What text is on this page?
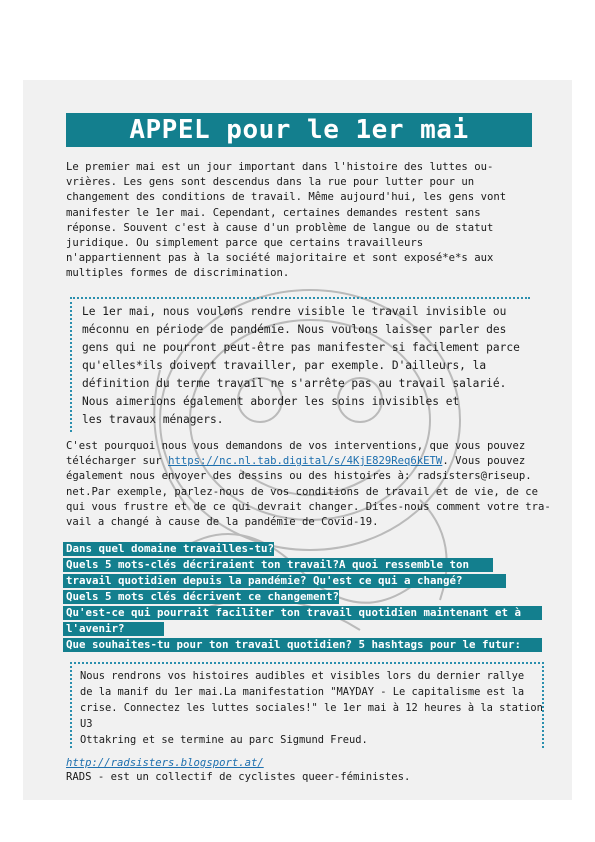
APPEL pour le 1er mai

Le premier mai est un jour important dans l'histoire des luttes ou-

vrières. Les gens sont descendus dans la rue pour lutter pour un

changement des conditions de travail. Même aujourd'hui, les gens vont

manifester le 1er mai. Cependant, certaines demandes restent sans

réponse. Souvent c'est à cause d'un problème de langue ou de statut

juridique. Ou simplement parce que certains travailleurs

n'appartiennent pas à la société majoritaire et sont exposé*e*s aux

multiples formes de discrimination.

Le 1er mai, nous voulons rendre visible le travail invisible ou
méconnu en période de pandémie. Nous voulons laisser parler des
gens qui ne pourront peut-être pas manifester si facilement parce
qu'elles*ils doivent travailler, par exemple. D'ailleurs, la
définition du terme travail ne s'arrête pas au travail salarié.
Nous aimerions également aborder les soins invisibles et
les travaux ménagers.
C'est pourquoi nous vous demandons de vos interventions, que vous pouvez
télécharger sur https://nc.nl.tab.digital/s/4KjE829Req6kETW. Vous pouvez
également nous envoyer des dessins ou des histoires à: radsisters@riseup.
net.Par exemple, parlez-nous de vos conditions de travail et de vie, de ce
qui vous frustre et de ce qui devrait changer. Dites-nous comment votre tra-
vail a changé à cause de la pandémie de Covid-19.
Dans quel domaine travailles-tu?
Quels 5 mots-clés décriraient ton travail?A quoi ressemble ton
travail quotidien depuis la pandémie? Qu'est ce qui a changé?
Quels 5 mots clés décrivent ce changement?
Qu'est-ce qui pourrait faciliter ton travail quotidien maintenant et à
l'avenir?
Que souhaites-tu pour ton travail quotidien? 5 hashtags pour le futur:
Nous rendrons vos histoires audibles et visibles lors du dernier rallye
de la manif du 1er mai.La manifestation "MAYDAY - Le capitalisme est la
crise. Connectez les luttes sociales!" le 1er mai à 12 heures à la station
U3
Ottakring et se termine au parc Sigmund Freud.
http://radsisters.blogsport.at/
RADS - est un collectif de cyclistes queer-féministes.
